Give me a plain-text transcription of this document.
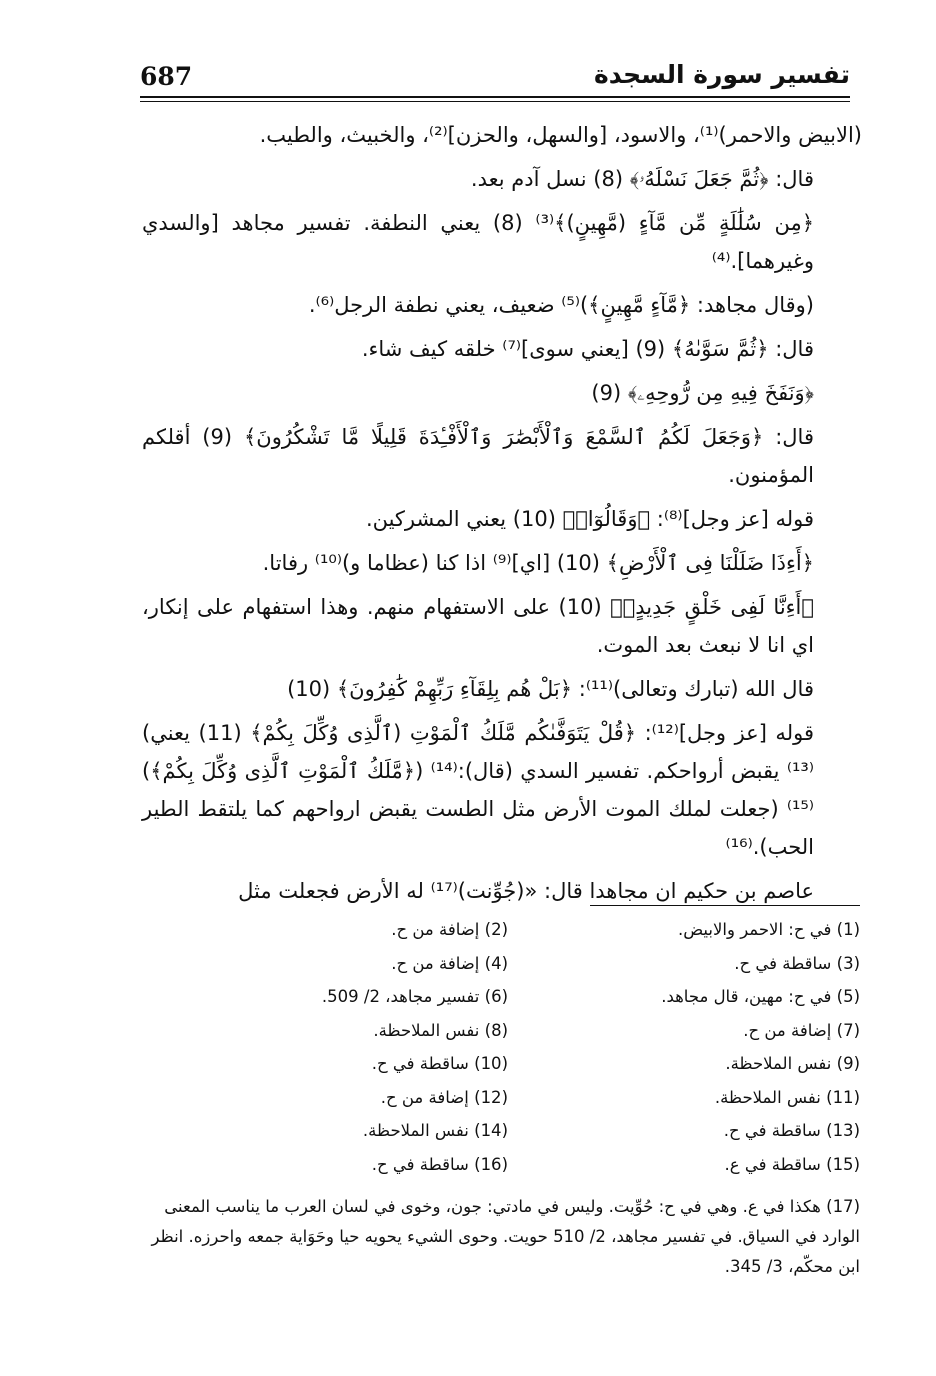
687	تفسير سورة السجدة

(الابيض والاحمر)⁽¹⁾، والاسود، [والسهل، والحزن]⁽²⁾، والخبيث، والطيب.

قال: ﴿ثُمَّ جَعَلَ نَسْلَهُۥ﴾ (8) نسل آدم بعد.

﴿مِن سُلَٰلَةٍ مِّن مَّآءٍ (مَّهِينٍ)﴾⁽³⁾ (8) يعني النطفة. تفسير مجاهد [والسدي وغيرهما].⁽⁴⁾

(وقال مجاهد: ﴿مَّآءٍ مَّهِينٍ﴾)⁽⁵⁾ ضعيف، يعني نطفة الرجل⁽⁶⁾.

قال: ﴿ثُمَّ سَوَّىٰهُ﴾ (9) [يعني سوى]⁽⁷⁾ خلقه كيف شاء.

﴿وَنَفَخَ فِيهِ مِن رُّوحِهِۦ﴾ (9)

قال: ﴿وَجَعَلَ لَكُمُ ٱلسَّمْعَ وَٱلْأَبْصَٰرَ وَٱلْأَفْـِٔدَةَ قَلِيلًا مَّا تَشْكُرُونَ﴾ (9) أقلكم المؤمنون.

قوله [عز وجل]⁽⁸⁾: ﴿وَقَالُوٓا۟﴾ (10) يعني المشركين.

﴿أَءِذَا ضَلَلْنَا فِى ٱلْأَرْضِ﴾ (10) [اي]⁽⁹⁾ اذا كنا (عظاما و)⁽¹⁰⁾ رفاتا.

﴿أَءِنَّا لَفِى خَلْقٍ جَدِيدٍۭ﴾ (10) على الاستفهام منهم. وهذا استفهام على إنكار، اي انا لا نبعث بعد الموت.

قال الله (تبارك وتعالى)⁽¹¹⁾: ﴿بَلْ هُم بِلِقَآءِ رَبِّهِمْ كَٰفِرُونَ﴾ (10)

قوله [عز وجل]⁽¹²⁾: ﴿قُلْ يَتَوَفَّىٰكُم مَّلَكُ ٱلْمَوْتِ (ٱلَّذِى وُكِّلَ بِكُمْ﴾ (11) يعني)⁽¹³⁾ يقبض أرواحكم. تفسير السدي (قال):⁽¹⁴⁾ (﴿مَّلَكُ ٱلْمَوْتِ ٱلَّذِى وُكِّلَ بِكُمْ﴾)⁽¹⁵⁾ (جعلت لملك الموت الأرض مثل الطست يقبض ارواحهم كما يلتقط الطير الحب).⁽¹⁶⁾

عاصم بن حكيم ان مجاهدا قال: «(جُوِّنت)⁽¹⁷⁾ له الأرض فجعلت مثل

(1) في ح: الاحمر والابيض.
(2) إضافة من ح.
(3) ساقطة في ح.
(4) إضافة من ح.
(5) في ح: مهين، قال مجاهد.
(6) تفسير مجاهد، 2/ 509.
(7) إضافة من ح.
(8) نفس الملاحظة.
(9) نفس الملاحظة.
(10) ساقطة في ح.
(11) نفس الملاحظة.
(12) إضافة من ح.
(13) ساقطة في ح.
(14) نفس الملاحظة.
(15) ساقطة في ع.
(16) ساقطة في ح.
(17) هكذا في ع. وهي في ح: حُوِّيت. وليس في مادتي: جون، وخوى في لسان العرب ما يناسب المعنى الوارد في السياق. في تفسير مجاهد، 2/ 510 حويت. وحوى الشيء يحويه حيا وحَوَاية جمعه واحرزه. انظر ابن محكّم، 3/ 345.
